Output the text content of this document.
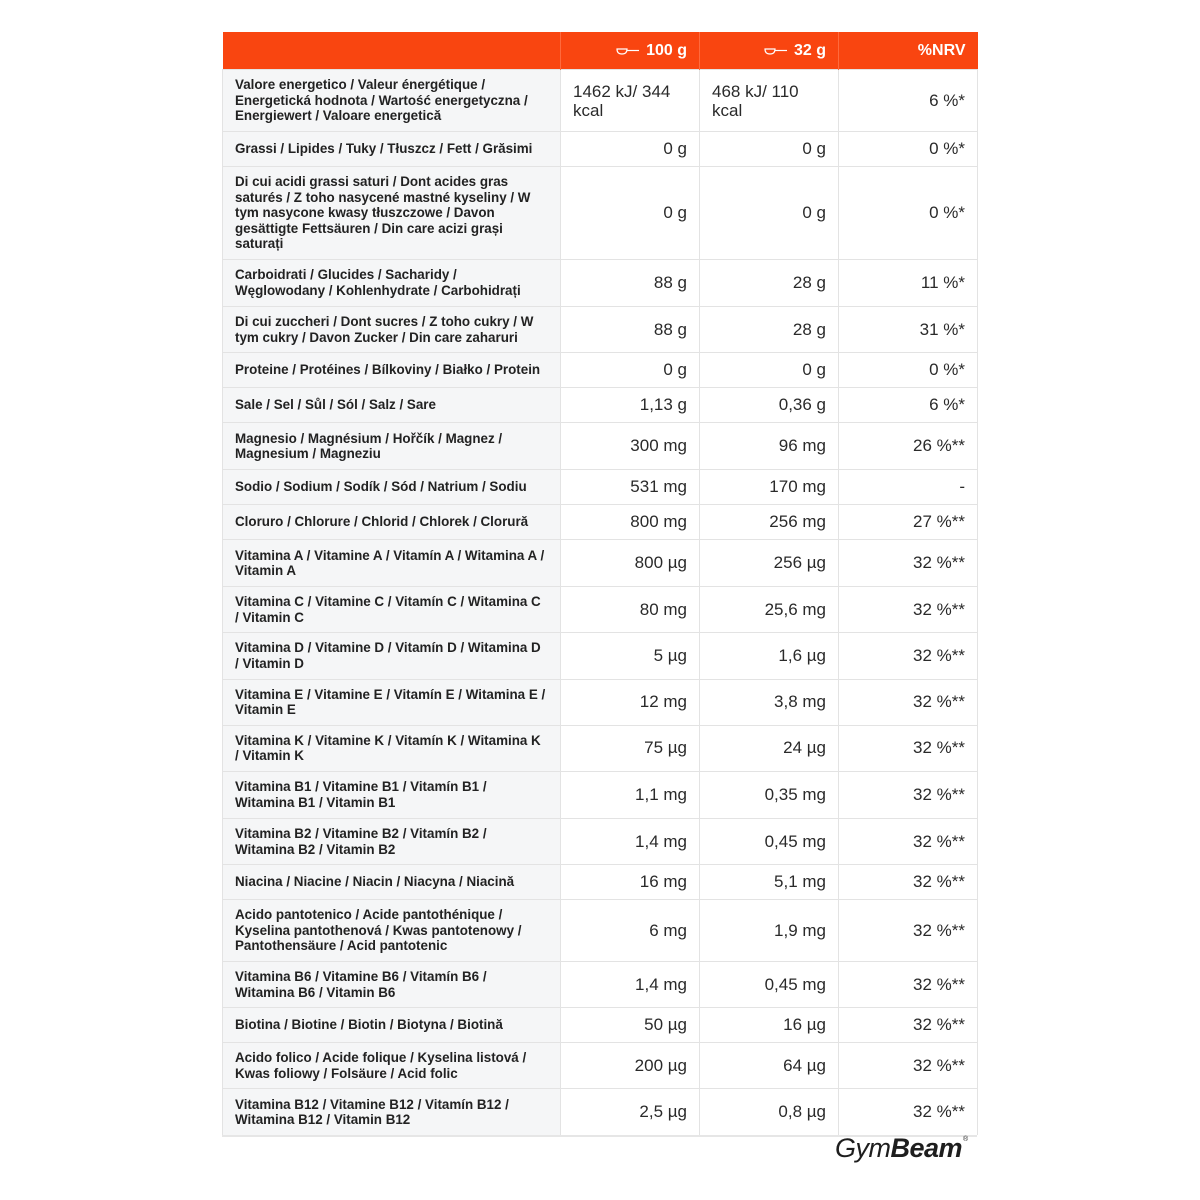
	100 g	32 g	%NRV
Valore energetico / Valeur énergétique / Energetická hodnota / Wartość energetyczna / Energiewert / Valoare energetică	1462 kJ/ 344 kcal	468 kJ/ 110 kcal	6 %*
Grassi / Lipides / Tuky / Tłuszcz / Fett / Grăsimi	0 g	0 g	0 %*
Di cui acidi grassi saturi / Dont acides gras saturés / Z toho nasycené mastné kyseliny / W tym nasycone kwasy tłuszczowe / Davon gesättigte Fettsäuren / Din care acizi grași saturați	0 g	0 g	0 %*
Carboidrati / Glucides / Sacharidy / Węglowodany / Kohlenhydrate / Carbohidrați	88 g	28 g	11 %*
Di cui zuccheri / Dont sucres / Z toho cukry / W tym cukry / Davon Zucker / Din care zaharuri	88 g	28 g	31 %*
Proteine / Protéines / Bílkoviny / Białko / Protein	0 g	0 g	0 %*
Sale / Sel / Sůl / Sól / Salz / Sare	1,13 g	0,36 g	6 %*
Magnesio / Magnésium / Hořčík / Magnez / Magnesium / Magneziu	300 mg	96 mg	26 %**
Sodio / Sodium / Sodík / Sód / Natrium / Sodiu	531 mg	170 mg	-
Cloruro / Chlorure / Chlorid / Chlorek / Clorură	800 mg	256 mg	27 %**
Vitamina A / Vitamine A / Vitamín A / Witamina A / Vitamin A	800 µg	256 µg	32 %**
Vitamina C / Vitamine C / Vitamín C / Witamina C / Vitamin C	80 mg	25,6 mg	32 %**
Vitamina D / Vitamine D / Vitamín D / Witamina D / Vitamin D	5 µg	1,6 µg	32 %**
Vitamina E / Vitamine E / Vitamín E / Witamina E / Vitamin E	12 mg	3,8 mg	32 %**
Vitamina K / Vitamine K / Vitamín K / Witamina K / Vitamin K	75 µg	24 µg	32 %**
Vitamina B1 / Vitamine B1 / Vitamín B1 / Witamina B1 / Vitamin B1	1,1 mg	0,35 mg	32 %**
Vitamina B2 / Vitamine B2 / Vitamín B2 / Witamina B2 / Vitamin B2	1,4 mg	0,45 mg	32 %**
Niacina / Niacine / Niacin / Niacyna / Niacină	16 mg	5,1 mg	32 %**
Acido pantotenico / Acide pantothénique / Kyselina pantothenová / Kwas pantotenowy / Pantothensäure / Acid pantotenic	6 mg	1,9 mg	32 %**
Vitamina B6 / Vitamine B6 / Vitamín B6 / Witamina B6 / Vitamin B6	1,4 mg	0,45 mg	32 %**
Biotina / Biotine / Biotin / Biotyna / Biotină	50 µg	16 µg	32 %**
Acido folico / Acide folique / Kyselina listová / Kwas foliowy / Folsäure / Acid folic	200 µg	64 µg	32 %**
Vitamina B12 / Vitamine B12 / Vitamín B12 / Witamina B12 / Vitamin B12	2,5 µg	0,8 µg	32 %**
GymBeam®
